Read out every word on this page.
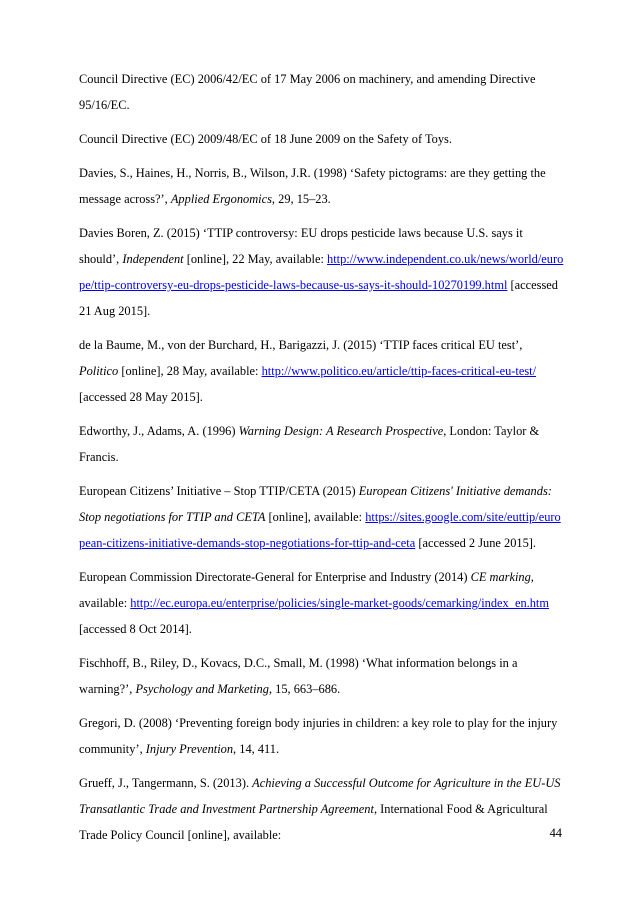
Council Directive (EC) 2006/42/EC of 17 May 2006 on machinery, and amending Directive 95/16/EC.

Council Directive (EC) 2009/48/EC of 18 June 2009 on the Safety of Toys.

Davies, S., Haines, H., Norris, B., Wilson, J.R. (1998) ‘Safety pictograms: are they getting the message across?’, Applied Ergonomics, 29, 15–23.

Davies Boren, Z. (2015) ‘TTIP controversy: EU drops pesticide laws because U.S. says it should’, Independent [online], 22 May, available: http://www.independent.co.uk/news/world/europe/ttip-controversy-eu-drops-pesticide-laws-because-us-says-it-should-10270199.html [accessed 21 Aug 2015].

de la Baume, M., von der Burchard, H., Barigazzi, J. (2015) ‘TTIP faces critical EU test’, Politico [online], 28 May, available: http://www.politico.eu/article/ttip-faces-critical-eu-test/ [accessed 28 May 2015].

Edworthy, J., Adams, A. (1996) Warning Design: A Research Prospective, London: Taylor & Francis.

European Citizens’ Initiative – Stop TTIP/CETA (2015) European Citizens' Initiative demands: Stop negotiations for TTIP and CETA [online], available: https://sites.google.com/site/euttip/european-citizens-initiative-demands-stop-negotiations-for-ttip-and-ceta [accessed 2 June 2015].

European Commission Directorate-General for Enterprise and Industry (2014) CE marking, available: http://ec.europa.eu/enterprise/policies/single-market-goods/cemarking/index_en.htm [accessed 8 Oct 2014].

Fischhoff, B., Riley, D., Kovacs, D.C., Small, M. (1998) ‘What information belongs in a warning?’, Psychology and Marketing, 15, 663–686.

Gregori, D. (2008) ‘Preventing foreign body injuries in children: a key role to play for the injury community’, Injury Prevention, 14, 411.

Grueff, J., Tangermann, S. (2013). Achieving a Successful Outcome for Agriculture in the EU-US Transatlantic Trade and Investment Partnership Agreement, International Food & Agricultural Trade Policy Council [online], available:	44
